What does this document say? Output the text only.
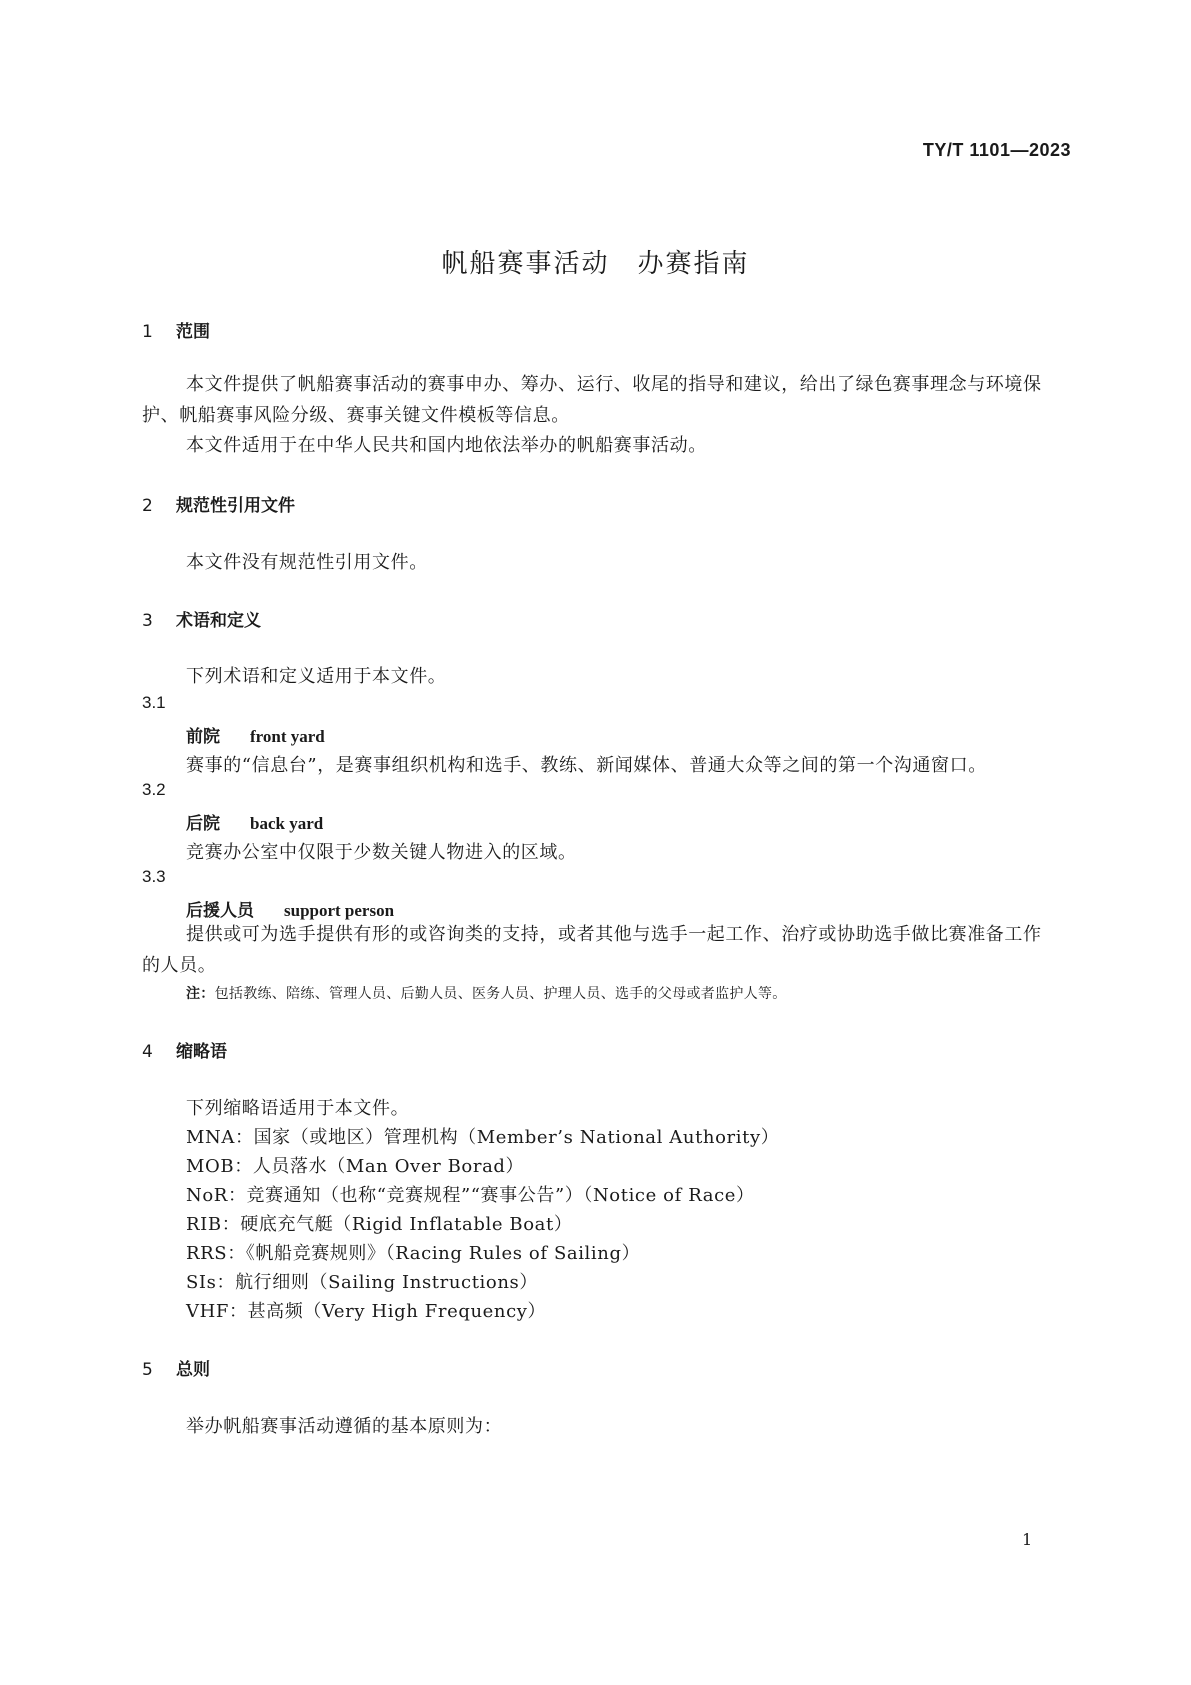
TY/T 1101—2023
帆船赛事活动　办赛指南
1 范围
本文件提供了帆船赛事活动的赛事申办、筹办、运行、收尾的指导和建议，给出了绿色赛事理念与环境保护、帆船赛事风险分级、赛事关键文件模板等信息。
本文件适用于在中华人民共和国内地依法举办的帆船赛事活动。
2 规范性引用文件
本文件没有规范性引用文件。
3 术语和定义
下列术语和定义适用于本文件。
3.1
前院 front yard
赛事的“信息台”，是赛事组织机构和选手、教练、新闻媒体、普通大众等之间的第一个沟通窗口。
3.2
后院 back yard
竞赛办公室中仅限于少数关键人物进入的区域。
3.3
后援人员 support person
提供或可为选手提供有形的或咨询类的支持，或者其他与选手一起工作、治疗或协助选手做比赛准备工作的人员。
注：包括教练、陪练、管理人员、后勤人员、医务人员、护理人员、选手的父母或者监护人等。
4 缩略语
下列缩略语适用于本文件。
MNA：国家（或地区）管理机构（Member’s National Authority）
MOB：人员落水（Man Over Borad）
NoR：竞赛通知（也称“竞赛规程”“赛事公告”）（Notice of Race）
RIB：硬底充气艇（Rigid Inflatable Boat）
RRS：《帆船竞赛规则》（Racing Rules of Sailing）
SIs：航行细则（Sailing Instructions）
VHF：甚高频（Very High Frequency）
5 总则
举办帆船赛事活动遵循的基本原则为：
1
